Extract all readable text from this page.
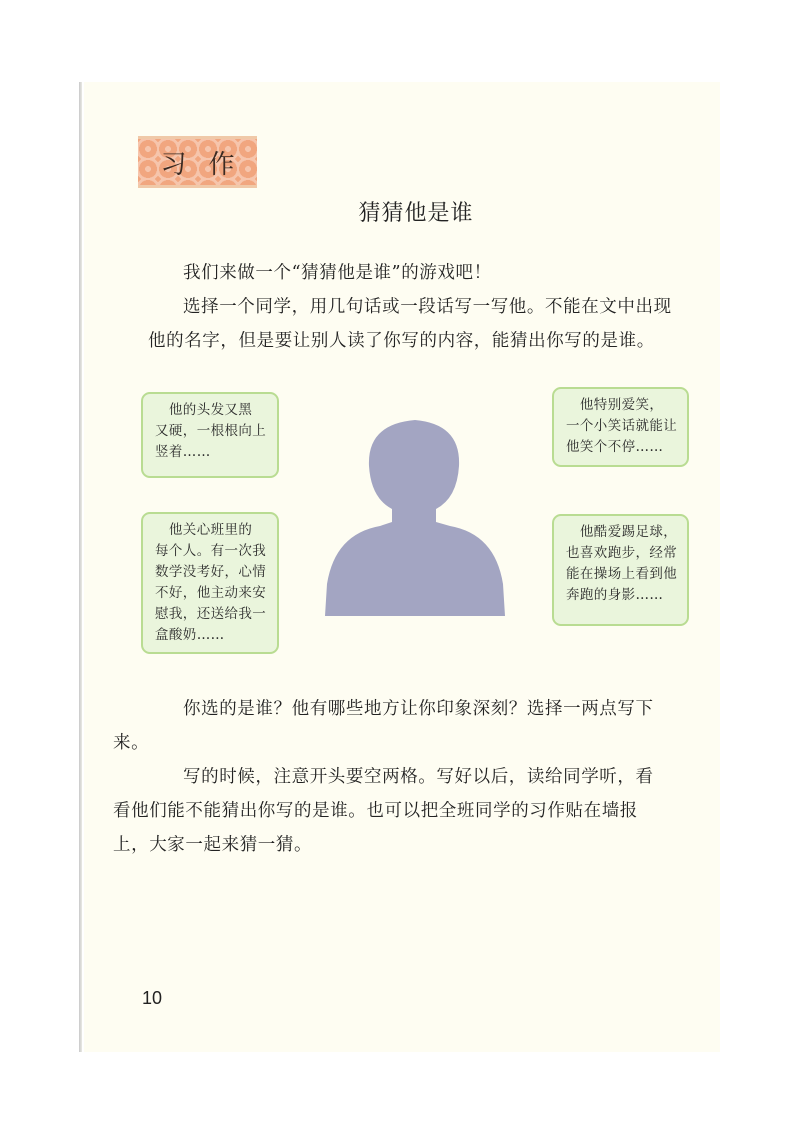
习作
猜猜他是谁

我们来做一个“猜猜他是谁”的游戏吧！

选择一个同学，用几句话或一段话写一写他。不能在文中出现
他的名字，但是要让别人读了你写的内容，能猜出你写的是谁。

　他的头发又黑
又硬，一根根向上
竖着……
　他特别爱笑，
一个小笑话就能让
他笑个不停……
　他关心班里的
每个人。有一次我
数学没考好，心情
不好，他主动来安
慰我，还送给我一
盒酸奶……
　他酷爱踢足球，
也喜欢跑步，经常
能在操场上看到他
奔跑的身影……

你选的是谁？他有哪些地方让你印象深刻？选择一两点写下
来。

写的时候，注意开头要空两格。写好以后，读给同学听，看
看他们能不能猜出你写的是谁。也可以把全班同学的习作贴在墙报
上，大家一起来猜一猜。

10
